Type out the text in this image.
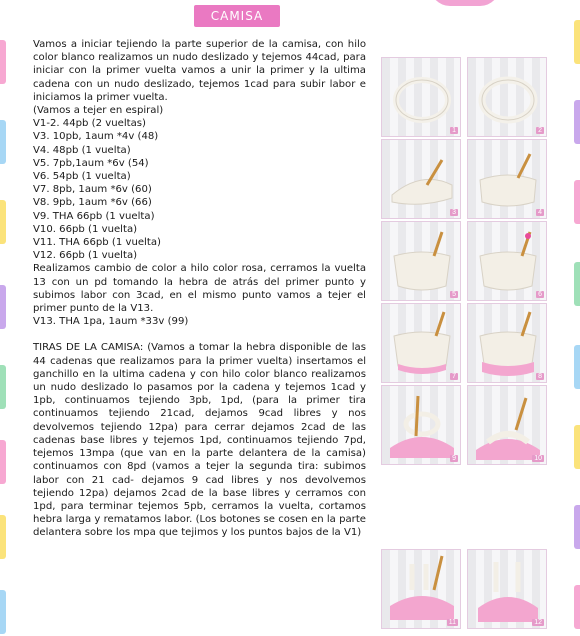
CAMISA

Vamos a iniciar tejiendo la parte superior de la camisa, con hilo color blanco realizamos un nudo deslizado y tejemos 44cad, para iniciar con la primer vuelta vamos a unir la primer y la ultima cadena con un nudo deslizado, tejemos 1cad para subir labor e iniciamos la primer vuelta.

(Vamos a tejer en espiral)
V1-2. 44pb (2 vueltas)
V3. 10pb, 1aum *4v (48)
V4. 48pb (1 vuelta)
V5. 7pb,1aum *6v (54)
V6. 54pb (1 vuelta)
V7. 8pb, 1aum *6v (60)
V8. 9pb, 1aum *6v (66)
V9. THA 66pb (1 vuelta)
V10. 66pb (1 vuelta)
V11. THA 66pb (1 vuelta)
V12. 66pb (1 vuelta)

Realizamos cambio de color a hilo color rosa, cerramos la vuelta 13 con un pd tomando la hebra de atrás del primer punto y subimos labor con 3cad, en el mismo punto vamos a tejer el primer punto de la V13.

V13. THA 1pa, 1aum *33v (99)

TIRAS DE LA CAMISA: (Vamos a tomar la hebra disponible de las 44 cadenas que realizamos para la primer vuelta) insertamos el ganchillo en la ultima cadena y con hilo color blanco realizamos un nudo deslizado lo pasamos por la cadena y tejemos 1cad y 1pb, continuamos tejiendo 3pb, 1pd, (para la primer tira continuamos tejiendo 21cad, dejamos 9cad libres y nos devolvemos tejiendo 12pa) para cerrar dejamos 2cad de las cadenas base libres y tejemos 1pd, continuamos tejiendo 7pd, tejemos 13mpa (que van en la parte delantera de la camisa) continuamos con 8pd (vamos a tejer la segunda tira: subimos labor con 21 cad- dejamos 9 cad libres y nos devolvemos tejiendo 12pa) dejamos 2cad de la base libres y cerramos con 1pd, para terminar tejemos 5pb, cerramos la vuelta, cortamos hebra larga y rematamos labor. (Los botones se cosen en la parte delantera sobre los mpa que tejimos y los puntos bajos de la V1)

1	2
3	4
5	6
7	8
9	10
11	12
